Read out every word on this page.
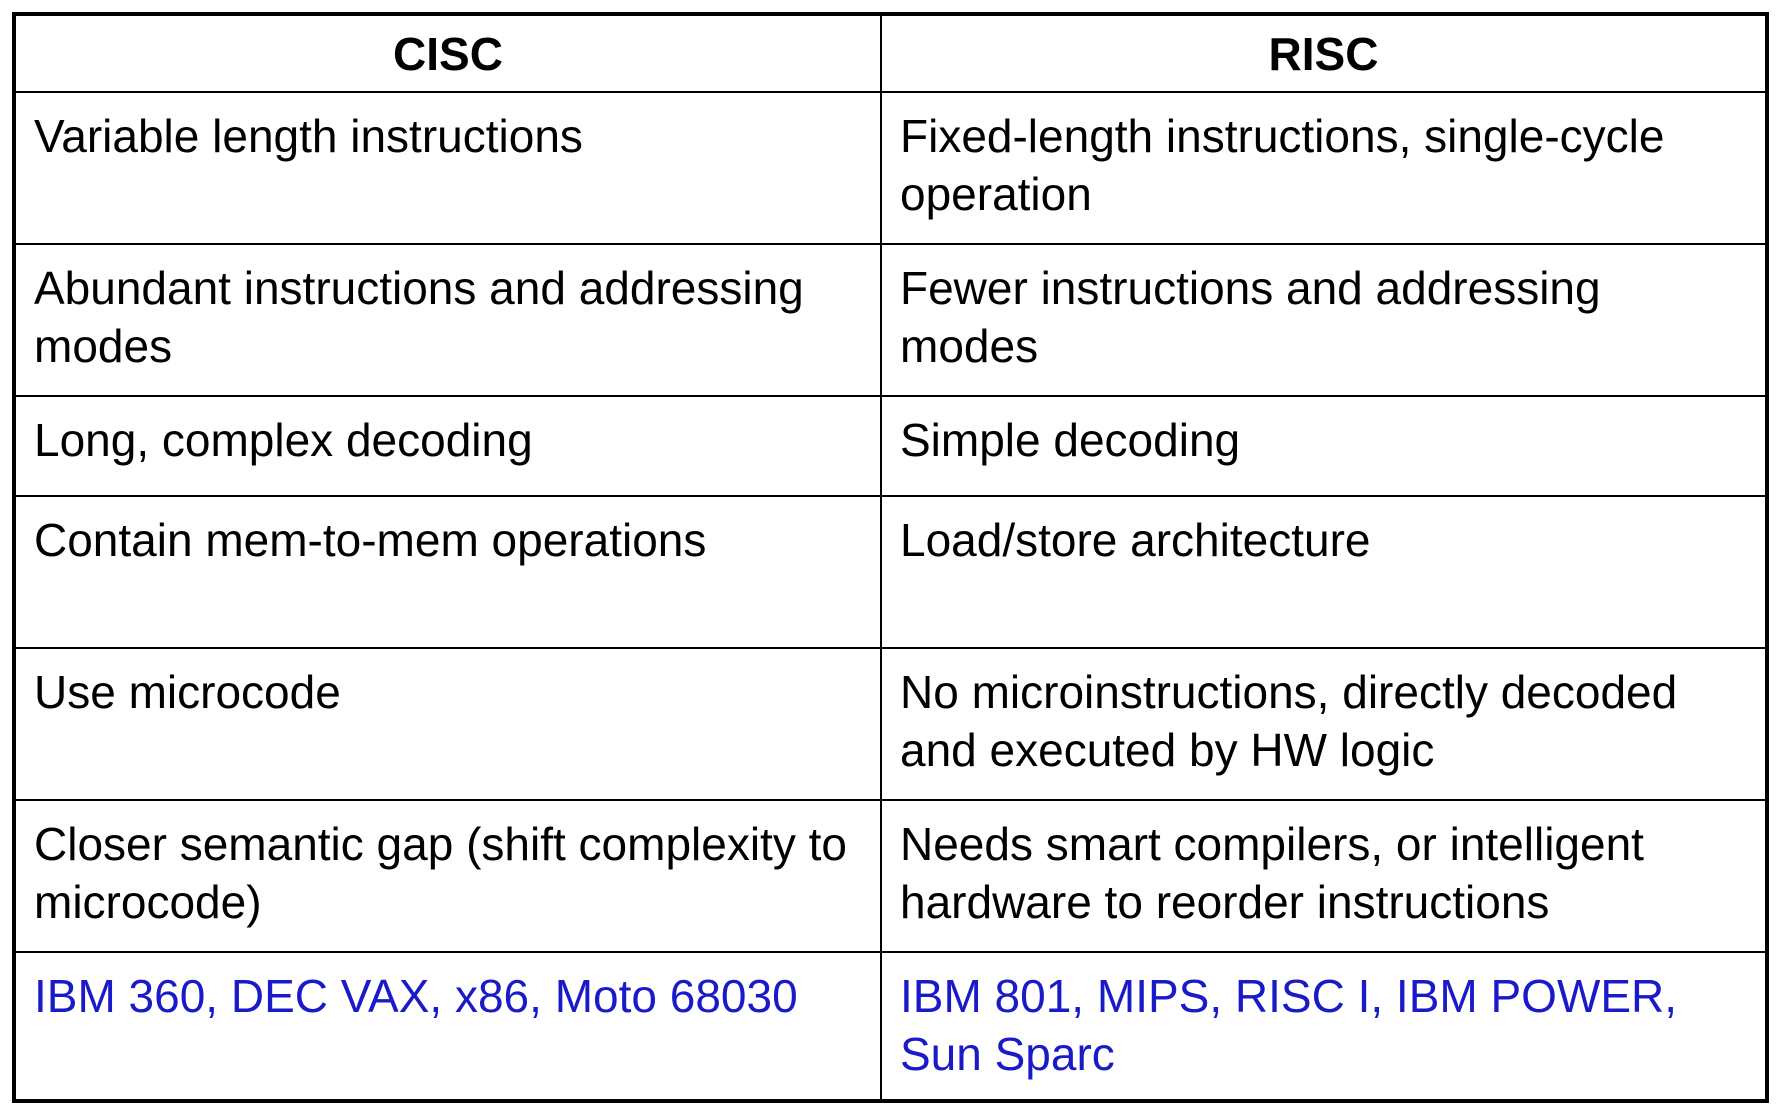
CISC	RISC
Variable length instructions	Fixed-length instructions, single-cycle operation
Abundant instructions and addressing modes	Fewer instructions and addressing modes
Long, complex decoding	Simple decoding
Contain mem-to-mem operations	Load/store architecture
Use microcode	No microinstructions, directly decoded and executed by HW logic
Closer semantic gap (shift complexity to microcode)	Needs smart compilers, or intelligent hardware to reorder instructions
IBM 360, DEC VAX, x86, Moto 68030	IBM 801, MIPS, RISC I, IBM POWER, Sun Sparc
